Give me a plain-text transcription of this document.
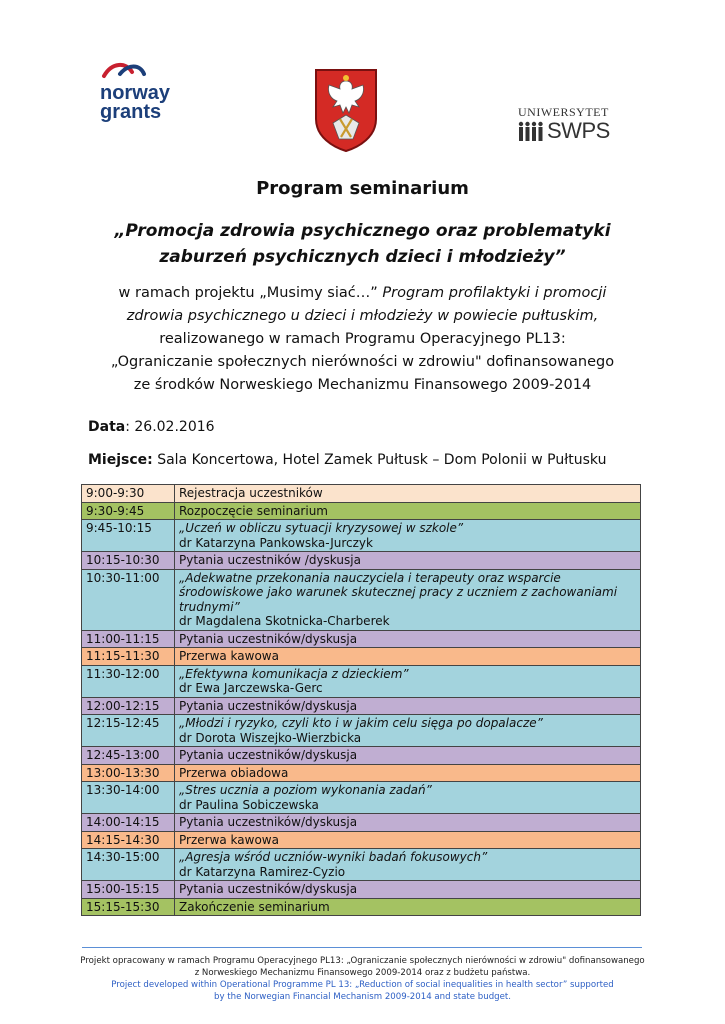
norway
grants	UNIWERSYTET
SWPS
Program seminarium
„Promocja zdrowia psychicznego oraz problematyki
zaburzeń psychicznych dzieci i młodzieży”
w ramach projektu „Musimy siać…” Program profilaktyki i promocji
zdrowia psychicznego u dzieci i młodzieży w powiecie pułtuskim,
realizowanego w ramach Programu Operacyjnego PL13:
„Ograniczanie społecznych nierówności w zdrowiu" dofinansowanego
ze środków Norweskiego Mechanizmu Finansowego 2009-2014
Data: 26.02.2016
Miejsce: Sala Koncertowa, Hotel Zamek Pułtusk – Dom Polonii w Pułtusku
9:00-9:30	Rejestracja uczestników

9:30-9:45	Rozpoczęcie seminarium

9:45-10:15	„Uczeń w obliczu sytuacji kryzysowej w szkole”
dr Katarzyna Pankowska-Jurczyk

10:15-10:30	Pytania uczestników /dyskusja

10:30-11:00	„Adekwatne przekonania nauczyciela i terapeuty oraz wsparcie środowiskowe jako warunek skutecznej pracy z uczniem z zachowaniami trudnymi”
dr Magdalena Skotnicka-Charberek

11:00-11:15	Pytania uczestników/dyskusja

11:15-11:30	Przerwa kawowa

11:30-12:00	„Efektywna komunikacja z dzieckiem”
dr Ewa Jarczewska-Gerc

12:00-12:15	Pytania uczestników/dyskusja

12:15-12:45	„Młodzi i ryzyko, czyli kto i w jakim celu sięga po dopalacze”
dr Dorota Wiszejko-Wierzbicka

12:45-13:00	Pytania uczestników/dyskusja

13:00-13:30	Przerwa obiadowa

13:30-14:00	„Stres ucznia a poziom wykonania zadań”
dr Paulina Sobiczewska

14:00-14:15	Pytania uczestników/dyskusja

14:15-14:30	Przerwa kawowa

14:30-15:00	„Agresja wśród uczniów-wyniki badań fokusowych”
dr Katarzyna Ramirez-Cyzio

15:00-15:15	Pytania uczestników/dyskusja

15:15-15:30	Zakończenie seminarium
Projekt opracowany w ramach Programu Operacyjnego PL13: „Ograniczanie społecznych nierówności w zdrowiu" dofinansowanego
z Norweskiego Mechanizmu Finansowego 2009-2014 oraz z budżetu państwa.
Project developed within Operational Programme PL 13: „Reduction of social inequalities in health sector” supported
by the Norwegian Financial Mechanism 2009-2014 and state budget.
